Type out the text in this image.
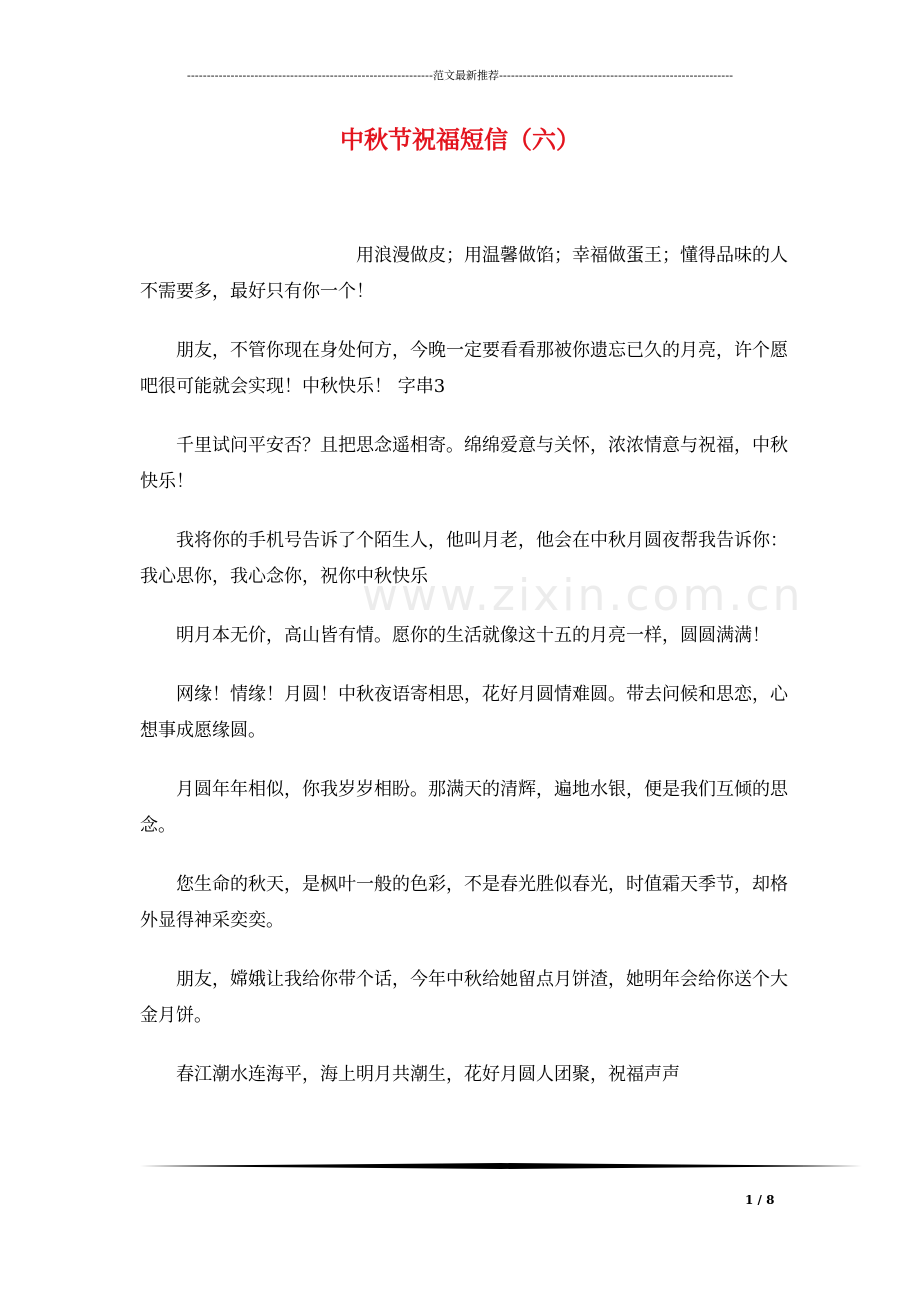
--------------------------------------------------------------范文最新推荐-----------------------------------------------------------
中秋节祝福短信（六）
www.zixin.com.cn

用浪漫做皮；用温馨做馅；幸福做蛋王；懂得品味的人不需要多，最好只有你一个！

朋友，不管你现在身处何方，今晚一定要看看那被你遗忘已久的月亮，许个愿吧很可能就会实现！中秋快乐！ 字串3

千里试问平安否？且把思念遥相寄。绵绵爱意与关怀，浓浓情意与祝福，中秋快乐！

我将你的手机号告诉了个陌生人，他叫月老，他会在中秋月圆夜帮我告诉你：我心思你，我心念你，祝你中秋快乐

明月本无价，高山皆有情。愿你的生活就像这十五的月亮一样，圆圆满满！

网缘！情缘！月圆！中秋夜语寄相思，花好月圆情难圆。带去问候和思恋，心想事成愿缘圆。

月圆年年相似，你我岁岁相盼。那满天的清辉，遍地水银，便是我们互倾的思念。

您生命的秋天，是枫叶一般的色彩，不是春光胜似春光，时值霜天季节，却格外显得神采奕奕。

朋友，嫦娥让我给你带个话，今年中秋给她留点月饼渣，她明年会给你送个大金月饼。

春江潮水连海平，海上明月共潮生，花好月圆人团聚，祝福声声

1 / 8
